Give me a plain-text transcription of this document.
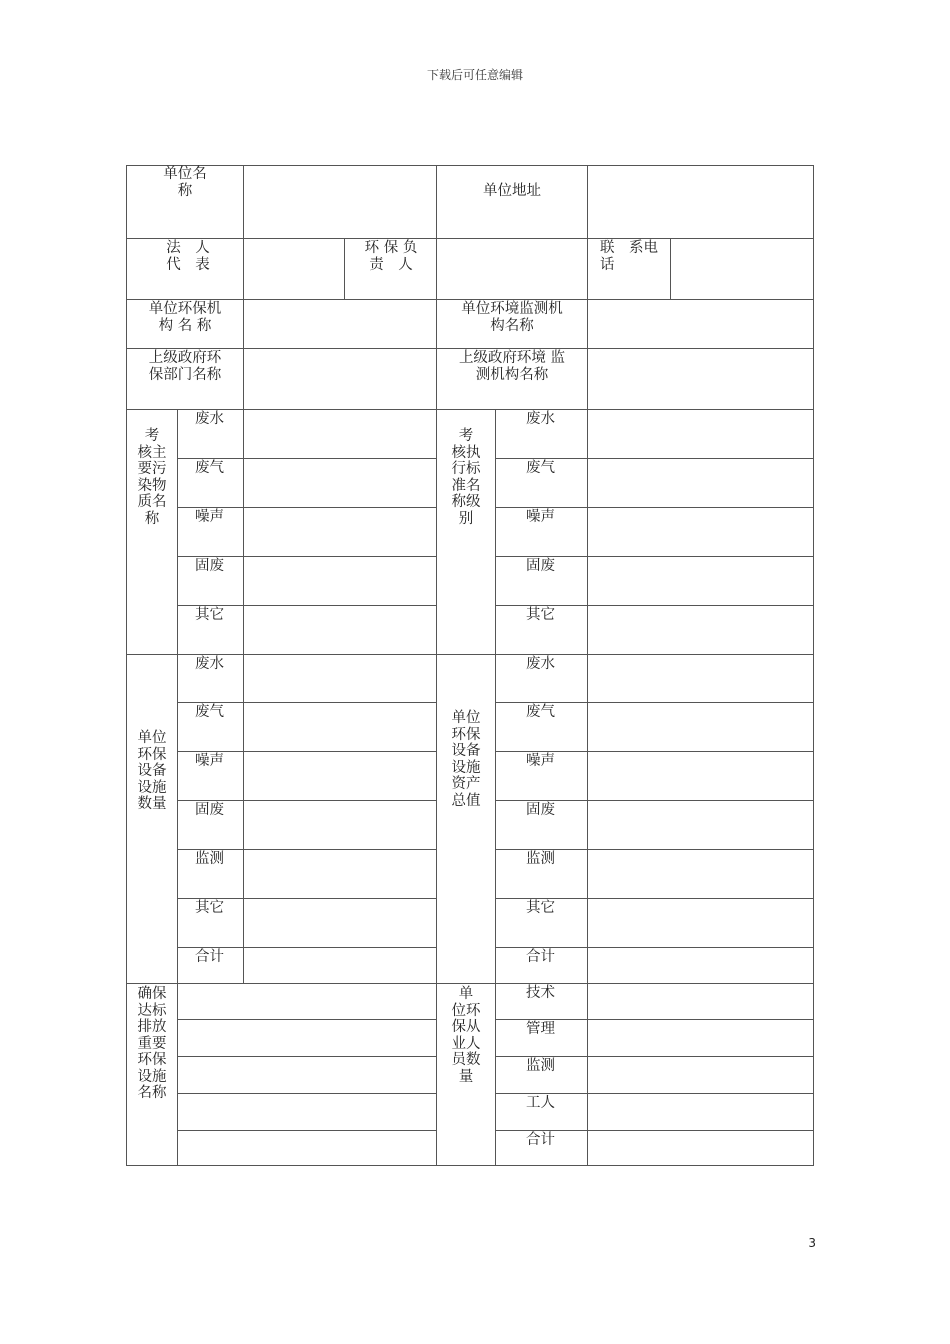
下载后可任意编辑
单位名
称	单位地址
法　人
代　表
环 保 负
责　人
联　系电
话
单位环保机
构 名 称
单位环境监测机
构名称
上级政府环
保部门名称
上级政府环境 监
测机构名称
考
核主
要污
染物
质名
称
考
核执
行标
准名
称级
别
单位
环保
设备
设施
数量
单位
环保
设备
设施
资产
总值
确保
达标
排放
重要
环保
设施
名称
单
位环
保从
业人
员数
量
废水
废气
噪声
固废
其它
废水
废气
噪声
固废
其它
废水
废气
噪声
固废
监测
其它
合计
废水
废气
噪声
固废
监测
其它
合计
技术
管理
监测
工人
合计
3
